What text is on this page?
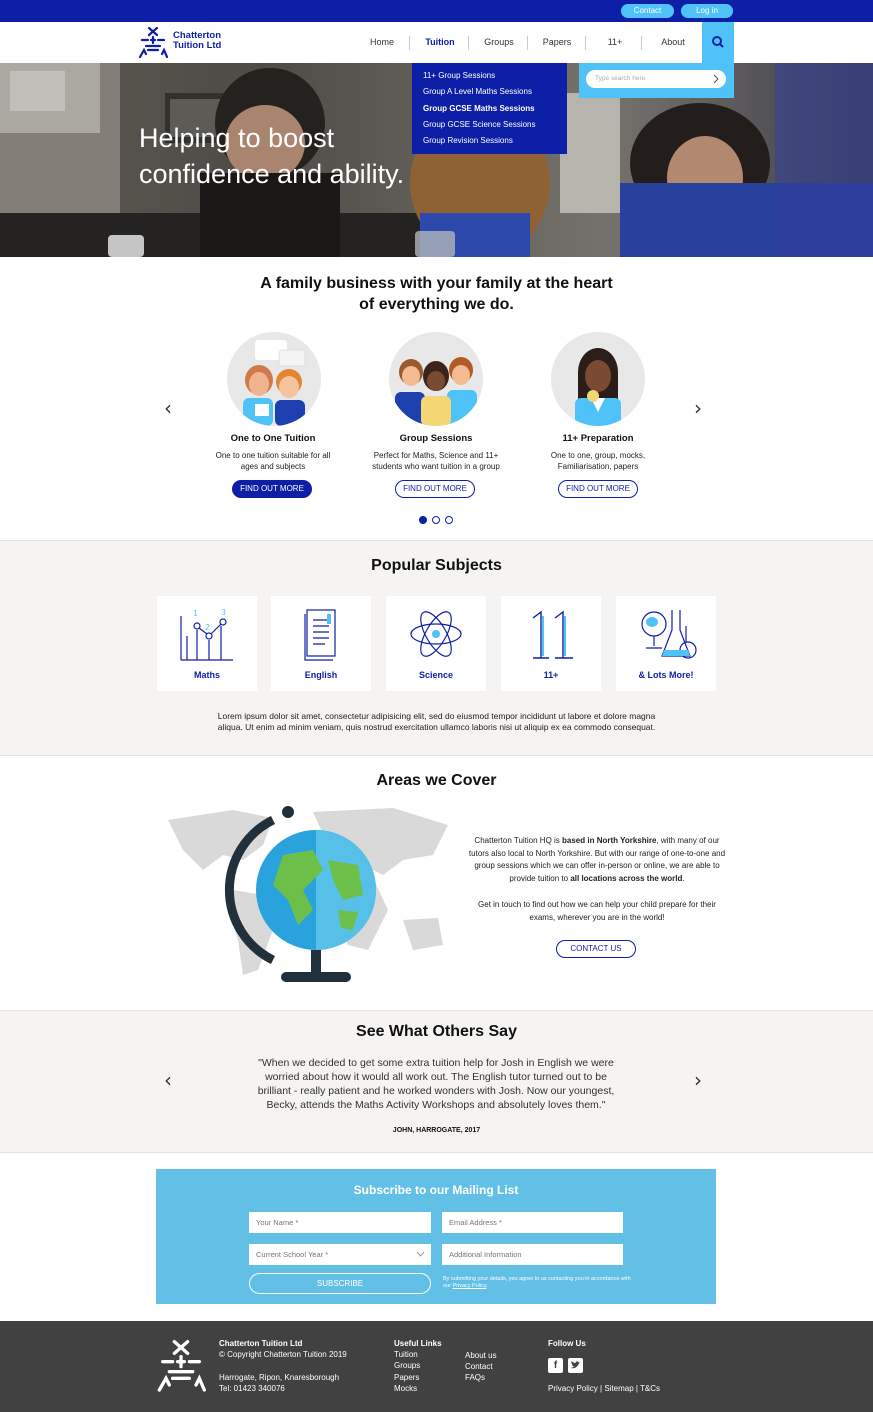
Contact	Log in
Chatterton
Tuition Ltd	Home	Tuition	Groups	Papers	11+	About
Helping to boost
confidence and ability.
11+ Group Sessions
Group A Level Maths Sessions
Group GCSE Maths Sessions
Group GCSE Science Sessions
Group Revision Sessions
Type search here
A family business with your family at the heart
of everything we do.
‹	›
One to One Tuition
One to one tuition suitable for all
ages and subjects
FIND OUT MORE
Group Sessions
Perfect for Maths, Science and 11+
students who want tuition in a group
FIND OUT MORE
11+ Preparation
One to one, group, mocks,
Familiarisation, papers
FIND OUT MORE
Popular Subjects
1
2
3
Maths	English	Science	11+	& Lots More!
Lorem ipsum dolor sit amet, consectetur adipisicing elit, sed do eiusmod tempor incididunt ut labore et dolore magna
aliqua. Ut enim ad minim veniam, quis nostrud exercitation ullamco laboris nisi ut aliquip ex ea commodo consequat.
Areas we Cover
Chatterton Tuition HQ is based in North Yorkshire, with many of our tutors also local to North Yorkshire. But with our range of one-to-one and group sessions which we can offer in-person or online, we are able to provide tuition to all locations across the world.
Get in touch to find out how we can help your child prepare for their exams, wherever you are in the world!
CONTACT US
See What Others Say
‹	›
"When we decided to get some extra tuition help for Josh in English we were worried about how it would all work out. The English tutor turned out to be brilliant - really patient and he worked wonders with Josh. Now our youngest, Becky, attends the Maths Activity Workshops and absolutely loves them."
JOHN, HARROGATE, 2017
Subscribe to our Mailing List
Your Name *	Email Address *
Current School Year *	Additional Information
SUBSCRIBE	By submitting your details, you agree to us contacting you in accordance with our Privacy Policy.
Chatterton Tuition Ltd
© Copyright Chatterton Tuition 2019
Harrogate, Ripon, Knaresborough
Tel: 01423 340076
Useful Links
Tuition
Groups
Papers
Mocks
About us
Contact
FAQs
Follow Us
f
Privacy Policy | Sitemap | T&Cs
